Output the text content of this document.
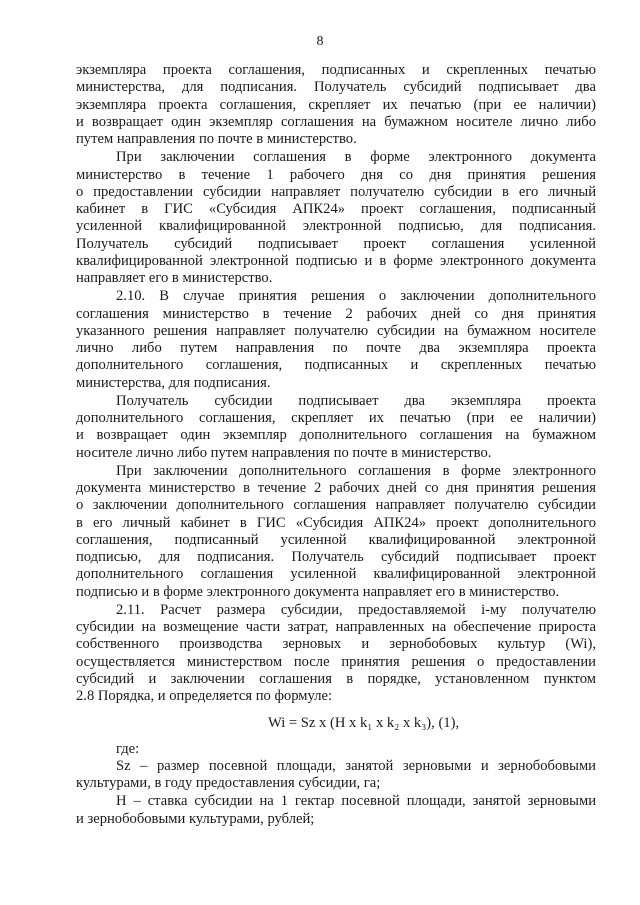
8
экземпляра проекта соглашения, подписанных и скрепленных печатью
министерства, для подписания. Получатель субсидий подписывает два
экземпляра проекта соглашения, скрепляет их печатью (при ее наличии)
и возвращает один экземпляр соглашения на бумажном носителе лично либо
путем направления по почте в министерство.
При заключении соглашения в форме электронного документа
министерство в течение 1 рабочего дня со дня принятия решения
о предоставлении субсидии направляет получателю субсидии в его личный
кабинет в ГИС «Субсидия АПК24» проект соглашения, подписанный
усиленной квалифицированной электронной подписью, для подписания.
Получатель субсидий подписывает проект соглашения усиленной
квалифицированной электронной подписью и в форме электронного документа
направляет его в министерство.
2.10. В случае принятия решения о заключении дополнительного
соглашения министерство в течение 2 рабочих дней со дня принятия
указанного решения направляет получателю субсидии на бумажном носителе
лично либо путем направления по почте два экземпляра проекта
дополнительного соглашения, подписанных и скрепленных печатью
министерства, для подписания.
Получатель субсидии подписывает два экземпляра проекта
дополнительного соглашения, скрепляет их печатью (при ее наличии)
и возвращает один экземпляр дополнительного соглашения на бумажном
носителе лично либо путем направления по почте в министерство.
При заключении дополнительного соглашения в форме электронного
документа министерство в течение 2 рабочих дней со дня принятия решения
о заключении дополнительного соглашения направляет получателю субсидии
в его личный кабинет в ГИС «Субсидия АПК24» проект дополнительного
соглашения, подписанный усиленной квалифицированной электронной
подписью, для подписания. Получатель субсидий подписывает проект
дополнительного соглашения усиленной квалифицированной электронной
подписью и в форме электронного документа направляет его в министерство.
2.11. Расчет размера субсидии, предоставляемой i-му получателю
субсидии на возмещение части затрат, направленных на обеспечение прироста
собственного производства зерновых и зернобобовых культур (Wi),
осуществляется министерством после принятия решения о предоставлении
субсидий и заключении соглашения в порядке, установленном пунктом
2.8 Порядка, и определяется по формуле:
Wi = Sz x (H x k₁ x k₂ x k₃), (1),
где:
Sz – размер посевной площади, занятой зерновыми и зернобобовыми
культурами, в году предоставления субсидии, га;
H – ставка субсидии на 1 гектар посевной площади, занятой зерновыми
и зернобобовыми культурами, рублей;
